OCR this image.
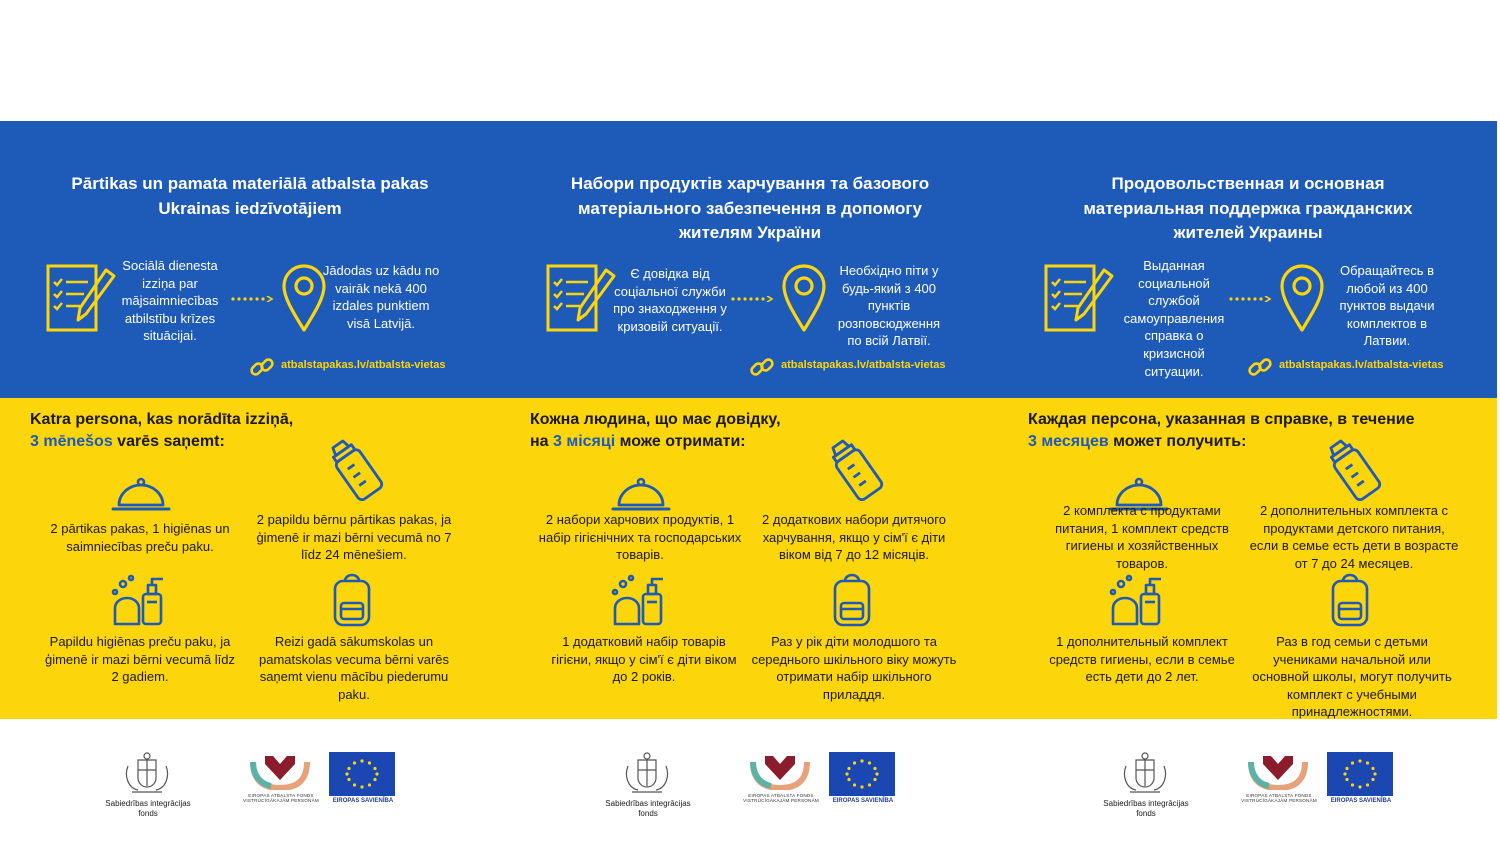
Pārtikas un pamata materiālā atbalsta pakas Ukrainas iedzīvotājiem
Sociālā dienesta izziņa par mājsaimniecības atbilstību krīzes situācijai.
Jādodas uz kādu no vairāk nekā 400 izdales punktiem visā Latvijā.
atbalstapakas.lv/atbalsta-vietas
Katra persona, kas norādīta izziņā,
3 mēnešos varēs saņemt:
2 pārtikas pakas, 1 higiēnas un saimniecības preču paku.
2 papildu bērnu pārtikas pakas, ja ģimenē ir mazi bērni vecumā no 7 līdz 24 mēnešiem.
Papildu higiēnas preču paku, ja ģimenē ir mazi bērni vecumā līdz 2 gadiem.
Reizi gadā sākumskolas un pamatskolas vecuma bērni varēs saņemt vienu mācību piederumu paku.
Sabiedrības integrācijas fonds
EIROPAS ATBALSTA FONDS VISTRŪCĪGĀKAJĀM PERSONĀM	EIROPAS SAVIENĪBA
Набори продуктів харчування та базового матеріального забезпечення в допомогу жителям України
Є довідка від соціальної служби про знаходження у кризовій ситуації.
Необхідно піти у будь-який з 400 пунктів розповсюдження по всій Латвії.
atbalstapakas.lv/atbalsta-vietas
Кожна людина, що має довідку,
на 3 місяці може отримати:
2 набори харчових продуктів, 1 набір гігієнічних та господарських товарів.
2 додаткових набори дитячого харчування, якщо у сім'ї є діти віком від 7 до 12 місяців.
1 додатковий набір товарів гігієни, якщо у сім'ї є діти віком до 2 років.
Раз у рік діти молодшого та середнього шкільного віку можуть отримати набір шкільного приладдя.
Sabiedrības integrācijas fonds
EIROPAS ATBALSTA FONDS VISTRŪCĪGĀKAJĀM PERSONĀM	EIROPAS SAVIENĪBA
Продовольственная и основная материальная поддержка гражданских жителей Украины
Выданная социальной службой самоуправления справка о кризисной ситуации.
Обращайтесь в любой из 400 пунктов выдачи комплектов в Латвии.
atbalstapakas.lv/atbalsta-vietas
Каждая персона, указанная в справке, в течение
3 месяцев может получить:
2 комплекта с продуктами питания, 1 комплект средств гигиены и хозяйственных товаров.
2 дополнительных комплекта с продуктами детского питания, если в семье есть дети в возрасте от 7 до 24 месяцев.
1 дополнительный комплект средств гигиены, если в семье есть дети до 2 лет.
Раз в год семьи с детьми учениками начальной или основной школы, могут получить комплект с учебными принадлежностями.
Sabiedrības integrācijas fonds
EIROPAS ATBALSTA FONDS VISTRŪCĪGĀKAJĀM PERSONĀM	EIROPAS SAVIENĪBA
